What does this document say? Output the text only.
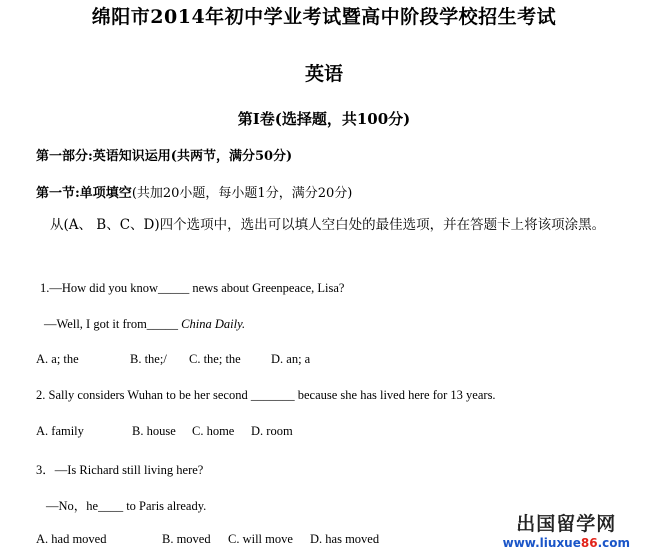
绵阳市2014年初中学业考试暨高中阶段学校招生考试
英语
第I卷(选择题，共100分)
第一部分:英语知识运用(共两节，满分50分)
第一节:单项填空(共加20小题，每小题1分，满分20分)
从(A、 B、C、D)四个选项中，选出可以填人空白处的最佳选项，并在答题卡上将该项涂黑。
1.—How did you know_____ news about Greenpeace, Lisa?
—Well, I got it from_____ China Daily.
A. a; the	B. the;/ C. the; the D. an; a
2. Sally considers Wuhan to be her second _______ because she has lived here for 13 years.
A. family	B. house C. home D. room
3．—Is Richard still living here?
—No，he____ to Paris already.
A. had moved	B. moved C. will move D. has moved
出国留学网
www.liuxue86.com
